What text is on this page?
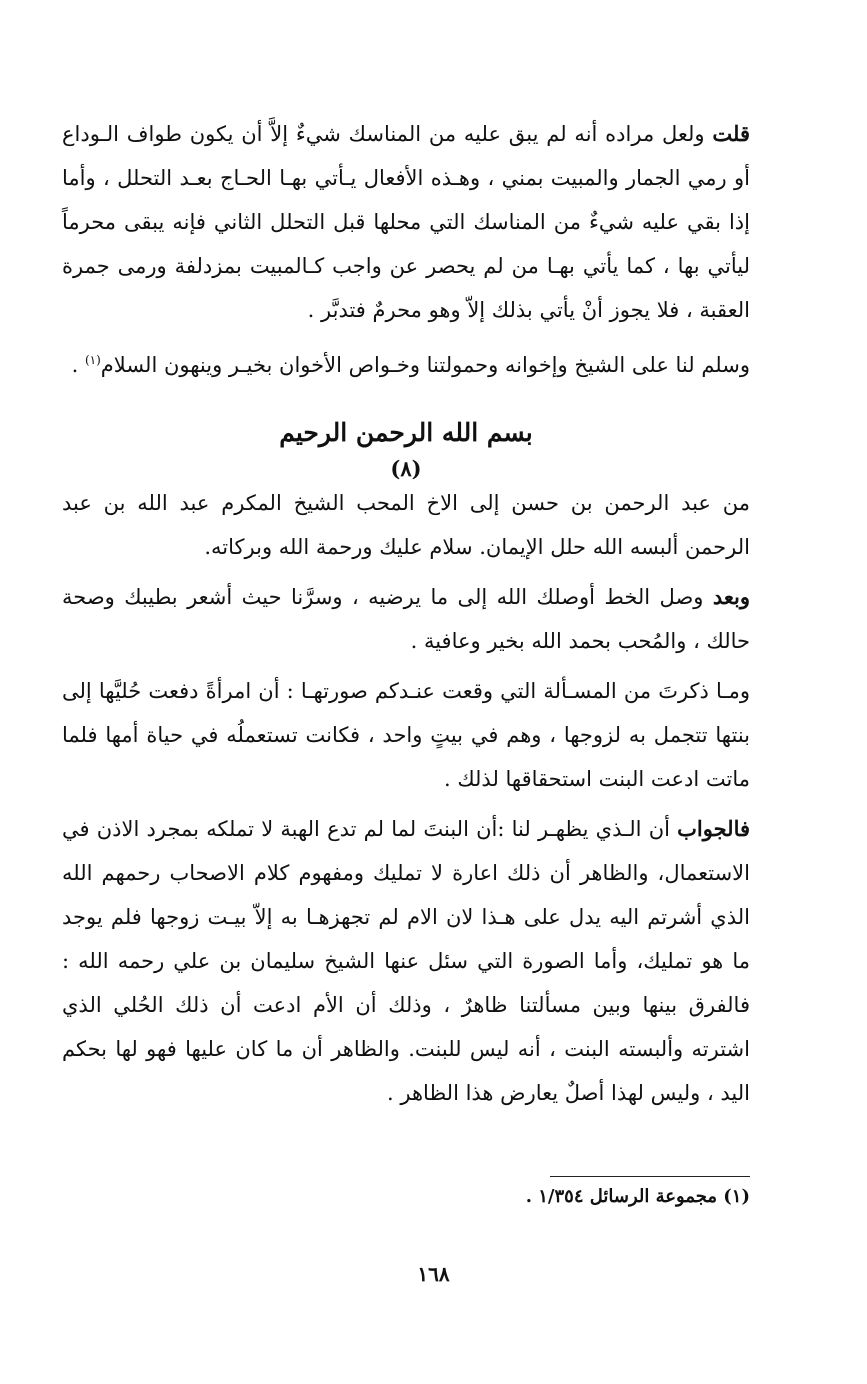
قلت ولعل مراده أنه لم يبق عليه من المناسك شيءٌ إلاَّ أن يكون طواف الـوداع أو رمي الجمار والمبيت بمني ، وهـذه الأفعال يـأتي بهـا الحـاج بعـد التحلل ، وأما إذا بقي عليه شيءٌ من المناسك التي محلها قبل التحلل الثاني فإنه يبقى محرماً ليأتي بها ، كما يأتي بهـا من لم يحصر عن واجب كـالمبيت بمزدلفة ورمى جمرة العقبة ، فلا يجوز أنْ يأتي بذلك إلاّ وهو محرمٌ فتدبَّر .

وسلم لنا على الشيخ وإخوانه وحمولتنا وخـواص الأخوان بخيـر وينهون السلام$^{(١)}$ .

بسم الله الرحمن الرحيم
(٨)

من عبد الرحمن بن حسن إلى الاخ المحب الشيخ المكرم عبد الله بن عبد الرحمن ألبسه الله حلل الإيمان. سلام عليك ورحمة الله وبركاته.

وبعد وصل الخط أوصلك الله إلى ما يرضيه ، وسرَّنا حيث أشعر بطيبك وصحة حالك ، والمُحب بحمد الله بخير وعافية .

ومـا ذكرتَ من المسـألة التي وقعت عنـدكم صورتهـا : أن امرأةً دفعت حُليَّها إلى بنتها تتجمل به لزوجها ، وهم في بيتٍ واحد ، فكانت تستعملُه في حياة أمها فلما ماتت ادعت البنت استحقاقها لذلك .

فالجواب أن الـذي يظهـر لنا :أن البنتَ لما لم تدع الهبة لا تملكه بمجرد الاذن في الاستعمال، والظاهر أن ذلك اعارة لا تمليك ومفهوم كلام الاصحاب رحمهم الله الذي أشرتم اليه يدل على هـذا لان الام لم تجهزهـا به إلاّ بيـت زوجها فلم يوجد ما هو تمليك، وأما الصورة التي سئل عنها الشيخ سليمان بن علي رحمه الله : فالفرق بينها وبين مسألتنا ظاهرٌ ، وذلك أن الأم ادعت أن ذلك الحُلي الذي اشترته وألبسته البنت ، أنه ليس للبنت. والظاهر أن ما كان عليها فهو لها بحكم اليد ، وليس لهذا أصلٌ يعارض هذا الظاهر .

(١) مجموعة الرسائل ١/٣٥٤ .
١٦٨
